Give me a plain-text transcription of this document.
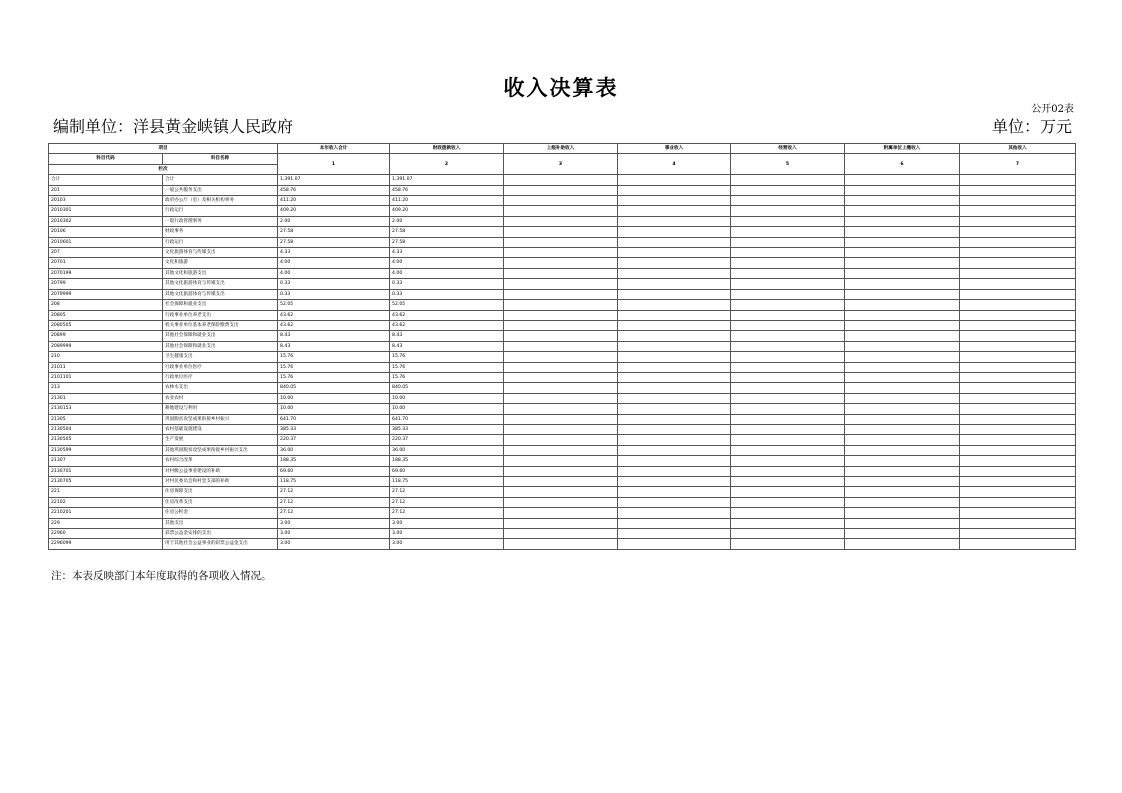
收入决算表
公开02表
编制单位：洋县黄金峡镇人民政府	单位：万元
项目		本年收入合计	财政拨款收入	上级补助收入	事业收入	经营收入	附属单位上缴收入	其他收入
科目代码	科目名称	1	2	3	4	5	6	7
栏次								
合计	合计	1,391.07	1,391.07					
201	一般公共服务支出	458.76	458.76					
20103	政府办公厅（室）及相关机构事务	411.20	411.20					
2010301	行政运行	409.20	409.20					
2010302	一般行政管理事务	2.00	2.00					
20106	财政事务	27.58	27.58					
2010601	行政运行	27.58	27.58					
207	文化旅游体育与传媒支出	4.33	4.33					
20701	文化和旅游	4.00	4.00					
2070199	其他文化和旅游支出	4.00	4.00					
20799	其他文化旅游体育与传媒支出	0.33	0.33					
2079999	其他文化旅游体育与传媒支出	0.33	0.33					
208	社会保障和就业支出	52.05	52.05					
20805	行政事业单位养老支出	43.62	43.62					
2080505	机关事业单位基本养老保险缴费支出	43.62	43.62					
20899	其他社会保障和就业支出	8.43	8.43					
2089999	其他社会保障和就业支出	8.43	8.43					
210	卫生健康支出	15.76	15.76					
21011	行政事业单位医疗	15.76	15.76					
2101101	行政单位医疗	15.76	15.76					
213	农林水支出	840.05	840.05					
21301	农业农村	10.00	10.00					
2130153	耕地建设与利用	10.00	10.00					
21305	巩固脱贫攻坚成果衔接乡村振兴	641.70	641.70					
2130504	农村基础设施建设	385.33	385.33					
2130505	生产发展	220.37	220.37					
2130599	其他巩固脱贫攻坚成果衔接乡村振兴支出	36.00	36.00					
21307	农村综合改革	188.35	188.35					
2130701	对村级公益事业建设的补助	69.60	69.60					
2130705	对村民委员会和村党支部的补助	118.75	118.75					
221	住房保障支出	27.12	27.12					
22102	住房改革支出	27.12	27.12					
2210201	住房公积金	27.12	27.12					
229	其他支出	3.00	3.00					
22960	彩票公益金安排的支出	3.00	3.00					
2296099	用于其他社会公益事业的彩票公益金支出	3.00	3.00					
注：本表反映部门本年度取得的各项收入情况。
